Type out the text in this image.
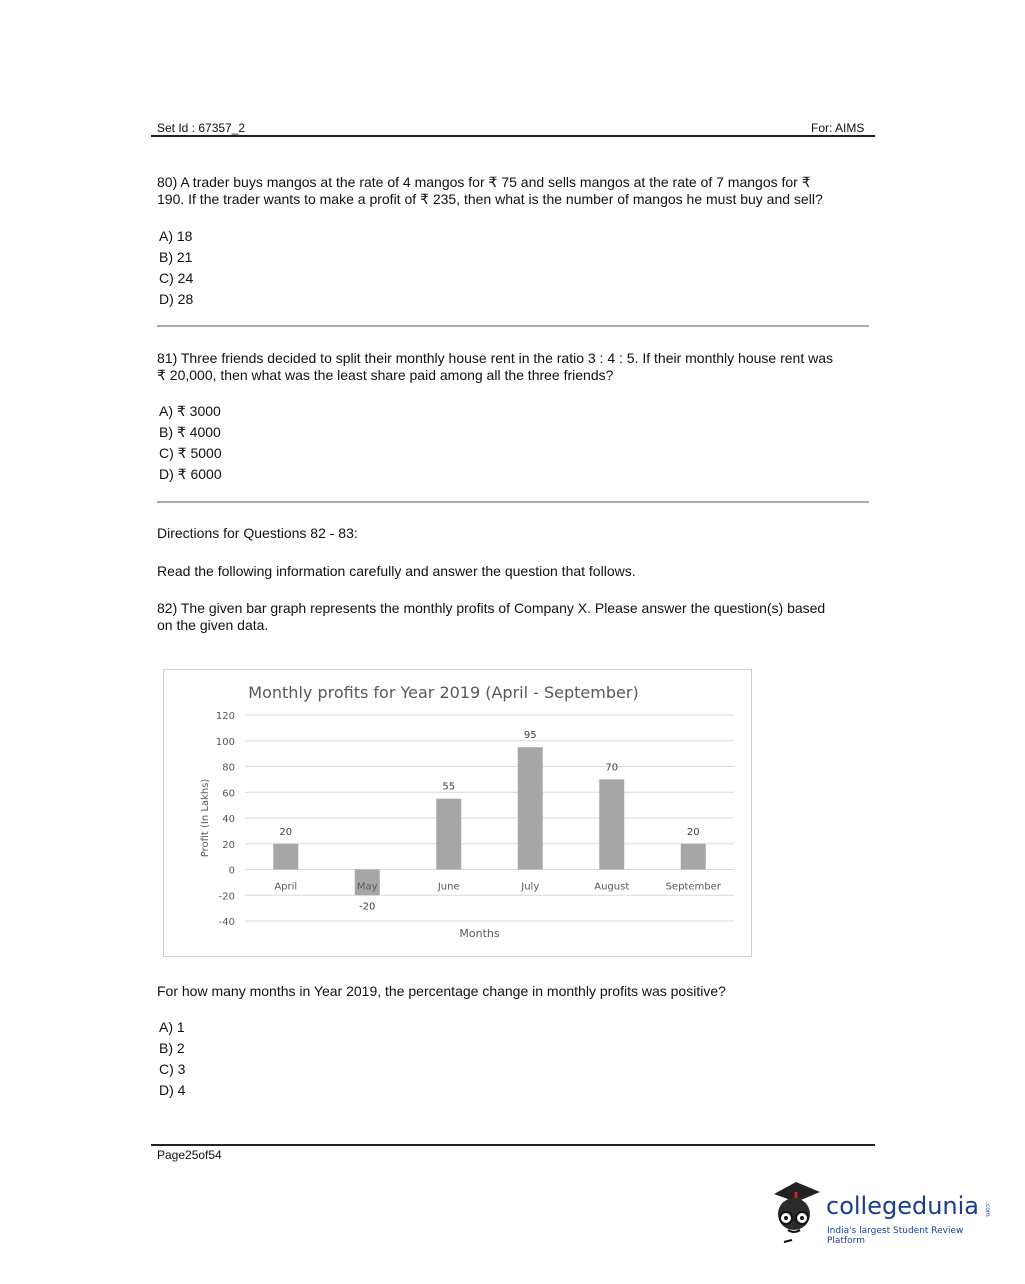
Set Id : 67357_2	For: AIMS
80) A trader buys mangos at the rate of 4 mangos for ₹ 75 and sells mangos at the rate of 7 mangos for ₹
190. If the trader wants to make a profit of ₹ 235, then what is the number of mangos he must buy and sell?
A) 18
B) 21
C) 24
D) 28
81) Three friends decided to split their monthly house rent in the ratio 3 : 4 : 5. If their monthly house rent was
₹ 20,000, then what was the least share paid among all the three friends?
A) ₹ 3000
B) ₹ 4000
C) ₹ 5000
D) ₹ 6000
Directions for Questions 82 - 83:
Read the following information carefully and answer the question that follows.
82) The given bar graph represents the monthly profits of Company X. Please answer the question(s) based
on the given data.
Monthly profits for Year 2019 (April - September)
120
100
80
60
40
20
0
-20
-40
Profit (In Lakhs)	20
April
-20
May
55
June
95
July
70
August
20
September
Months
For how many months in Year 2019, the percentage change in monthly profits was positive?
A) 1
B) 2
C) 3
D) 4
Page25of54
collegedunia .com
India's largest Student Review Platform
